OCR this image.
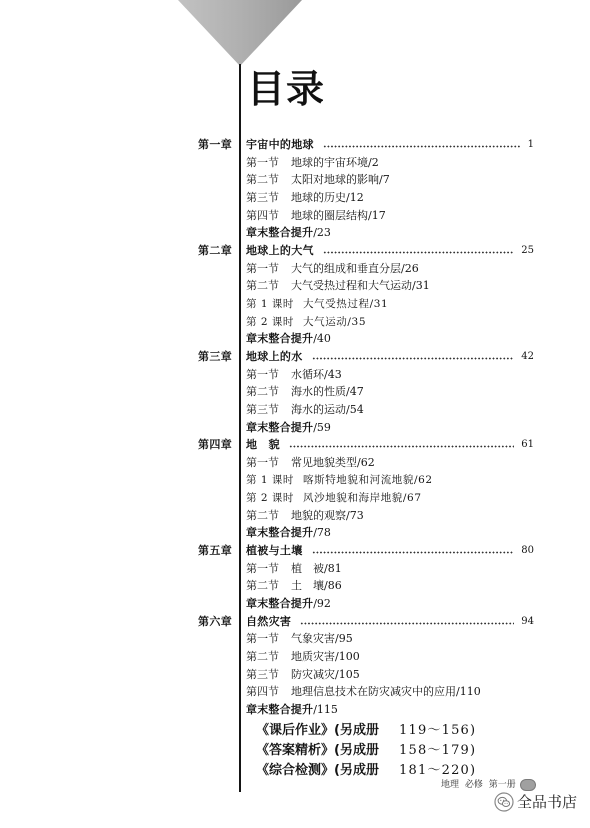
目录
第一章 宇宙中的地球	1
第一节 地球的宇宙环境/2
第二节 太阳对地球的影响/7
第三节 地球的历史/12
第四节 地球的圈层结构/17
章末整合提升/23
第二章 地球上的大气	25
第一节 大气的组成和垂直分层/26
第二节 大气受热过程和大气运动/31
第 1 课时 大气受热过程/31
第 2 课时 大气运动/35
章末整合提升/40
第三章 地球上的水	42
第一节 水循环/43
第二节 海水的性质/47
第三节 海水的运动/54
章末整合提升/59
第四章 地　貌	61
第一节 常见地貌类型/62
第 1 课时 喀斯特地貌和河流地貌/62
第 2 课时 风沙地貌和海岸地貌/67
第二节 地貌的观察/73
章末整合提升/78
第五章 植被与土壤	80
第一节 植　被/81
第二节 土　壤/86
章末整合提升/92
第六章 自然灾害	94
第一节 气象灾害/95
第二节 地质灾害/100
第三节 防灾减灾/105
第四节 地理信息技术在防灾减灾中的应用/110
章末整合提升/115
《课后作业》(另成册 119～156)
《答案精析》(另成册 158～179)
《综合检测》(另成册 181～220)
地理 必修 第一册
全品书店
